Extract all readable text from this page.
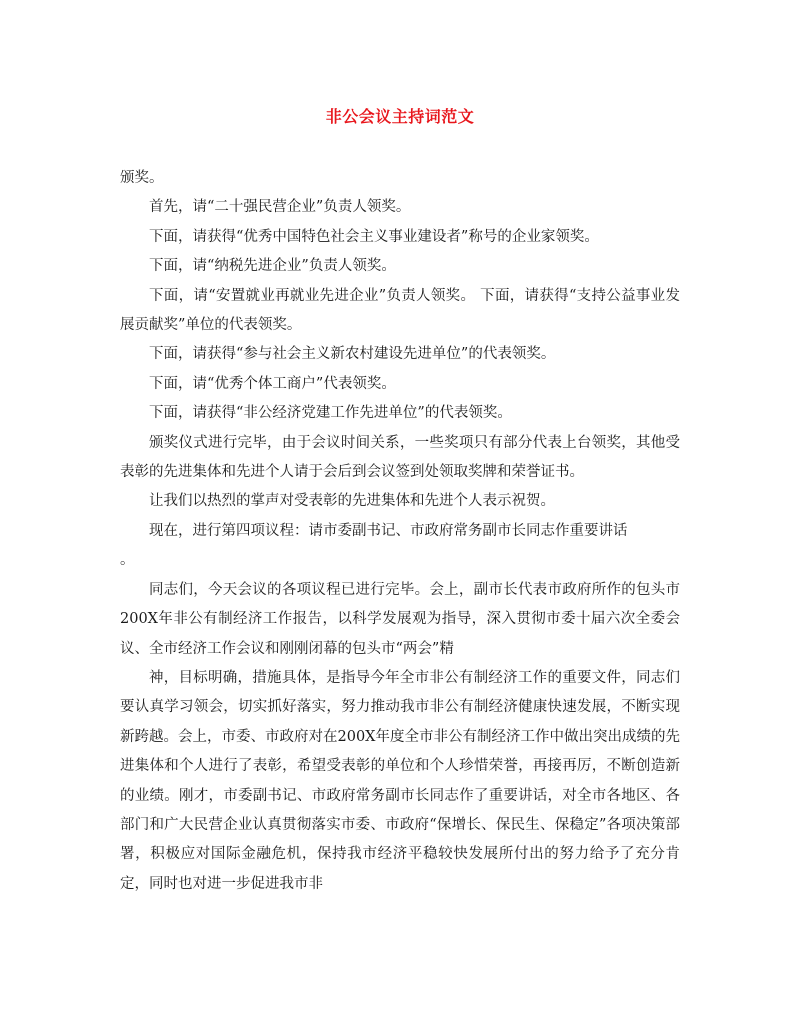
非公会议主持词范文

颁奖。

首先，请“二十强民营企业”负责人领奖。

下面，请获得“优秀中国特色社会主义事业建设者”称号的企业家领奖。

下面，请“纳税先进企业”负责人领奖。

下面，请“安置就业再就业先进企业”负责人领奖。 下面，请获得“支持公益事业发展贡献奖”单位的代表领奖。

下面，请获得“参与社会主义新农村建设先进单位”的代表领奖。

下面，请“优秀个体工商户”代表领奖。

下面，请获得“非公经济党建工作先进单位”的代表领奖。

颁奖仪式进行完毕，由于会议时间关系，一些奖项只有部分代表上台领奖，其他受表彰的先进集体和先进个人请于会后到会议签到处领取奖牌和荣誉证书。

让我们以热烈的掌声对受表彰的先进集体和先进个人表示祝贺。

现在，进行第四项议程：请市委副书记、市政府常务副市长同志作重要讲话

。

同志们，今天会议的各项议程已进行完毕。会上，副市长代表市政府所作的包头市200X年非公有制经济工作报告，以科学发展观为指导，深入贯彻市委十届六次全委会议、全市经济工作会议和刚刚闭幕的包头市“两会”精

神，目标明确，措施具体，是指导今年全市非公有制经济工作的重要文件，同志们要认真学习领会，切实抓好落实，努力推动我市非公有制经济健康快速发展，不断实现新跨越。会上，市委、市政府对在200X年度全市非公有制经济工作中做出突出成绩的先进集体和个人进行了表彰，希望受表彰的单位和个人珍惜荣誉，再接再厉，不断创造新的业绩。刚才，市委副书记、市政府常务副市长同志作了重要讲话，对全市各地区、各部门和广大民营企业认真贯彻落实市委、市政府“保增长、保民生、保稳定”各项决策部署，积极应对国际金融危机，保持我市经济平稳较快发展所付出的努力给予了充分肯定，同时也对进一步促进我市非
